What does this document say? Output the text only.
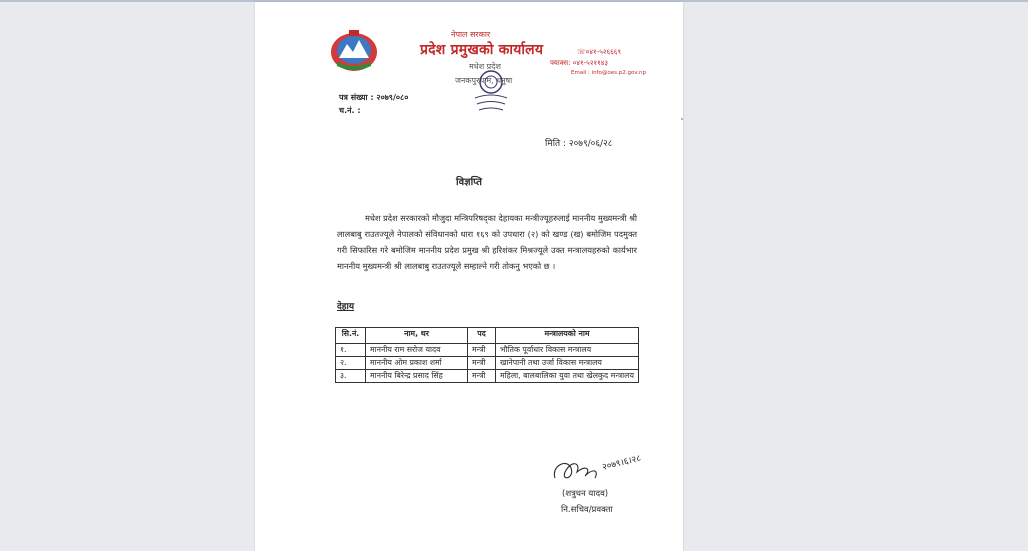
नेपाल सरकार
प्रदेश प्रमुखको कार्यालय
मधेश प्रदेश
जनकपुरधाम, धनुषा
☏०४१-५२६६६९
फ्याक्स: ०४१-५२११४३
Email : info@oes.p2.gov.np
पत्र संख्या : २०७९/०८०
च.नं. :
मिति : २०७९/०६/२८
विज्ञप्ति
मधेश प्रदेश सरकारको मौजुदा मन्त्रिपरिषद्का देहायका मन्त्रीज्यूहरुलाई माननीय मुख्यमन्त्री श्री लालबाबु राउतज्यूले नेपालको संविधानको धारा १६९ को उपधारा (२) को खण्ड (ख) बमोजिम पदमुक्त गरी सिफारिस गरे बमोजिम माननीय प्रदेश प्रमुख श्री हरिशंकर मिश्रज्यूले उक्त मन्त्रालयहरुको कार्यभार माननीय मुख्यमन्त्री श्री लालबाबु राउतज्यूले सम्हाल्ने गरी तोकनु भएको छ ।
देहाय
सि.नं.	नाम, थर	पद	मन्त्रालयको नाम
१.	माननीय राम सरोज यादव	मन्त्री	भौतिक पूर्वाधार विकास मन्त्रालय
२.	माननीय ओम प्रकाश शर्मा	मन्त्री	खानेपानी तथा उर्जा विकास मन्त्रालय
३.	माननीय बिरेन्द्र प्रसाद सिंह	मन्त्री	महिला, बालबालिका युवा तथा खेलकुद मन्त्रालय
२०७९।६।२८
(शत्रुधन यादव)
नि.सचिव/प्रवक्ता
